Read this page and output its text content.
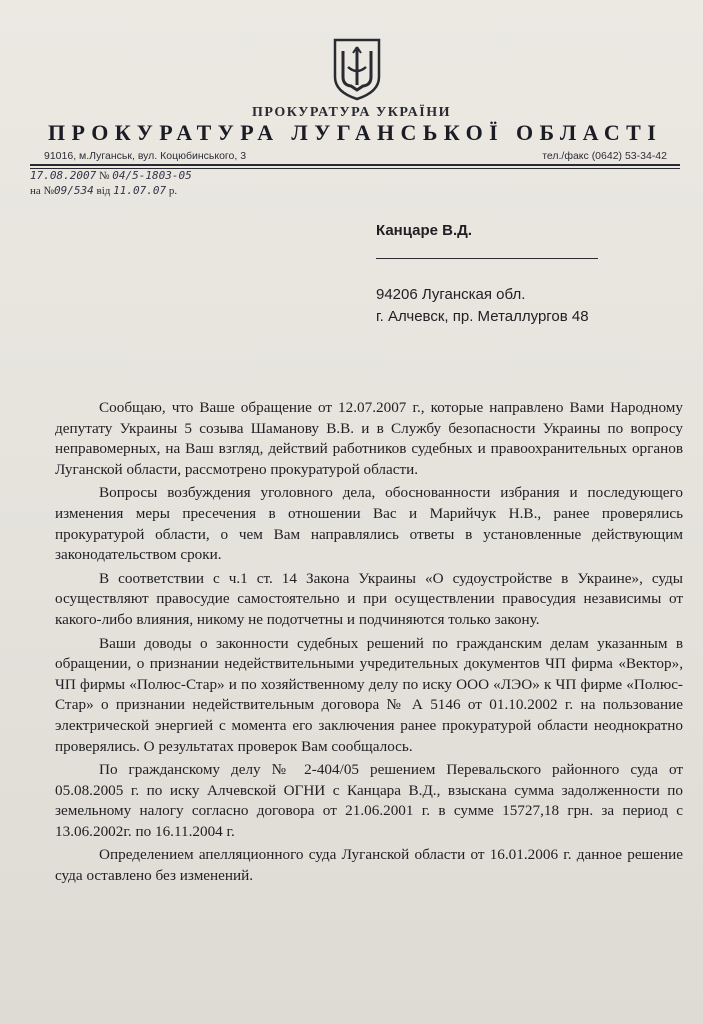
ПРОКУРАТУРА УКРАЇНИ
ПРОКУРАТУРА ЛУГАНСЬКОЇ ОБЛАСТІ
91016, м.Луганськ, вул. Коцюбинського, 3	тел./факс (0642) 53-34-42
17.08.2007 № 04/5-1803-05
на №09/534 від 11.07.07 р.
Канцаре В.Д.
94206 Луганская обл.
г. Алчевск, пр. Металлургов 48

Сообщаю, что Ваше обращение от 12.07.2007 г., которые направлено Вами Народному депутату Украины 5 созыва Шаманову В.В. и в Службу безопасности Украины по вопросу неправомерных, на Ваш взгляд, действий работников судебных и правоохранительных органов Луганской области, рассмотрено прокуратурой области.

Вопросы возбуждения уголовного дела, обоснованности избрания и последующего изменения меры пресечения в отношении Вас и Марийчук Н.В., ранее проверялись прокуратурой области, о чем Вам направлялись ответы в установленные действующим законодательством сроки.

В соответствии с ч.1 ст. 14 Закона Украины «О судоустройстве в Украине», суды осуществляют правосудие самостоятельно и при осуществлении правосудия независимы от какого-либо влияния, никому не подотчетны и подчиняются только закону.

Ваши доводы о законности судебных решений по гражданским делам указанным в обращении, о признании недействительными учредительных документов ЧП фирма «Вектор», ЧП фирмы «Полюс-Стар» и по хозяйственному делу по иску ООО «ЛЭО» к ЧП фирме «Полюс-Стар» о признании недействительным договора № А 5146 от 01.10.2002 г. на пользование электрической энергией с момента его заключения ранее прокуратурой области неоднократно проверялись. О результатах проверок Вам сообщалось.

По гражданскому делу № 2-404/05 решением Перевальского районного суда от 05.08.2005 г. по иску Алчевской ОГНИ с Канцара В.Д., взыскана сумма задолженности по земельному налогу согласно договора от 21.06.2001 г. в сумме 15727,18 грн. за период с 13.06.2002г. по 16.11.2004 г.

Определением апелляционного суда Луганской области от 16.01.2006 г. данное решение суда оставлено без изменений.
